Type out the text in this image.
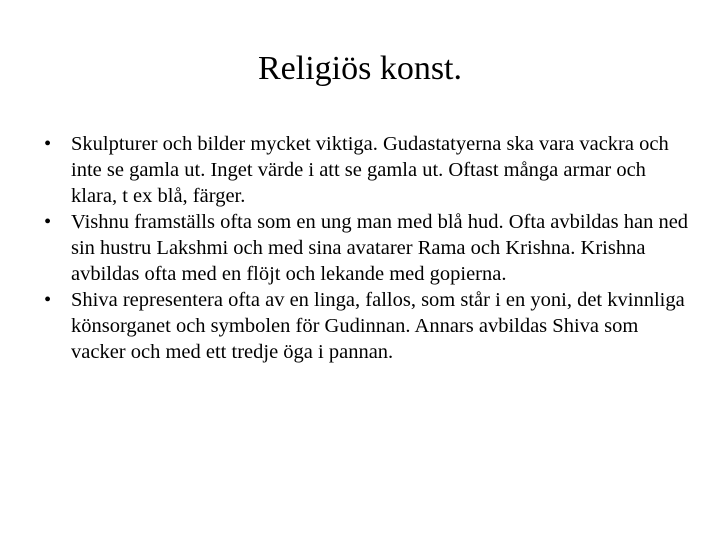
Religiös konst.
• Skulpturer och bilder mycket viktiga. Gudastatyerna ska vara vackra och inte se gamla ut. Inget värde i att se gamla ut. Oftast många armar och klara, t ex blå, färger.
• Vishnu framställs ofta som en ung man med blå hud. Ofta avbildas han ned sin hustru Lakshmi och med sina avatarer Rama och Krishna. Krishna avbildas ofta med en flöjt och lekande med gopierna.
• Shiva representera ofta av en linga, fallos, som står i en yoni, det kvinnliga könsorganet och symbolen för Gudinnan. Annars avbildas Shiva som vacker och med ett tredje öga i pannan.
